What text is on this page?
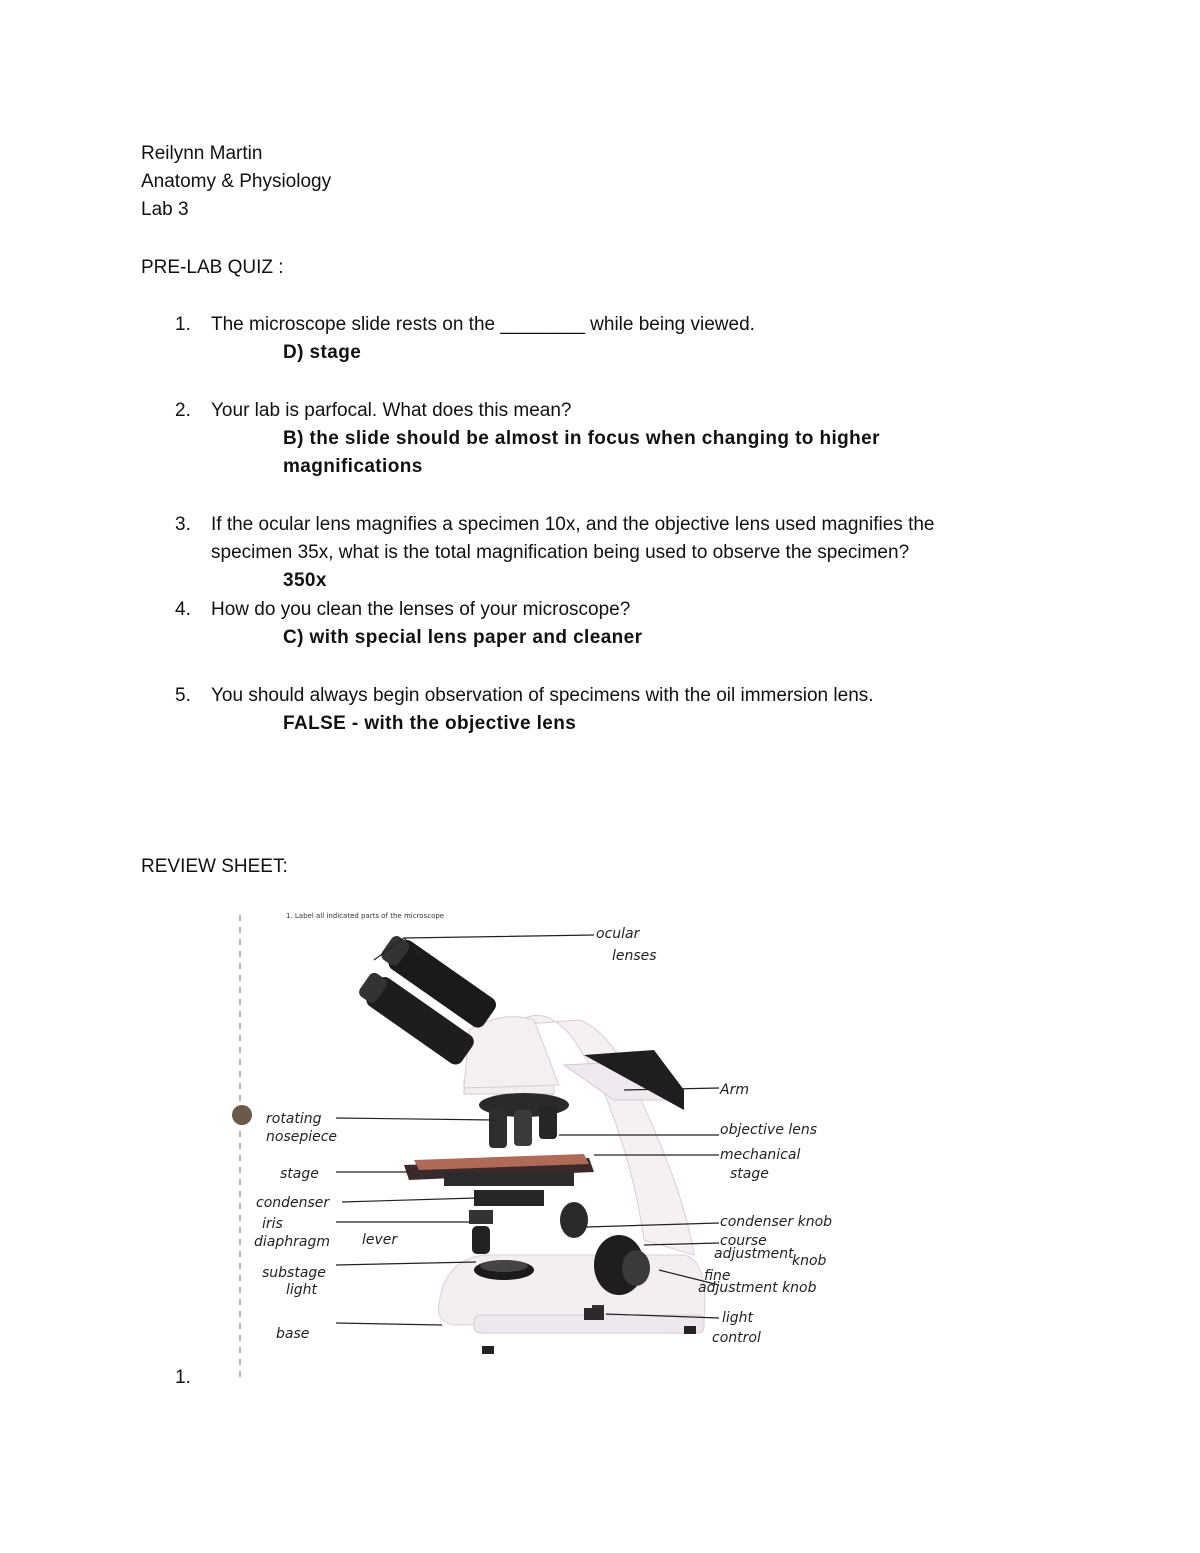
Reilynn Martin
Anatomy & Physiology
Lab 3
PRE-LAB QUIZ :
1. The microscope slide rests on the ________ while being viewed.
D) stage
2. Your lab is parfocal. What does this mean?
B) the slide should be almost in focus when changing to higher
magnifications
3. If the ocular lens magnifies a specimen 10x, and the objective lens used magnifies the
specimen 35x, what is the total magnification being used to observe the specimen?
350x
4. How do you clean the lenses of your microscope?
C) with special lens paper and cleaner
5. You should always begin observation of specimens with the oil immersion lens.
FALSE - with the objective lens
REVIEW SHEET:
1.
1. Label all indicated parts of the microscope
ocular
lenses
Arm
objective lens
mechanical
stage
condenser knob
course
adjustment
knob
fine
adjustment knob
light
control
rotating
nosepiece
stage
condenser
iris
diaphragm lever
substage
light
base
